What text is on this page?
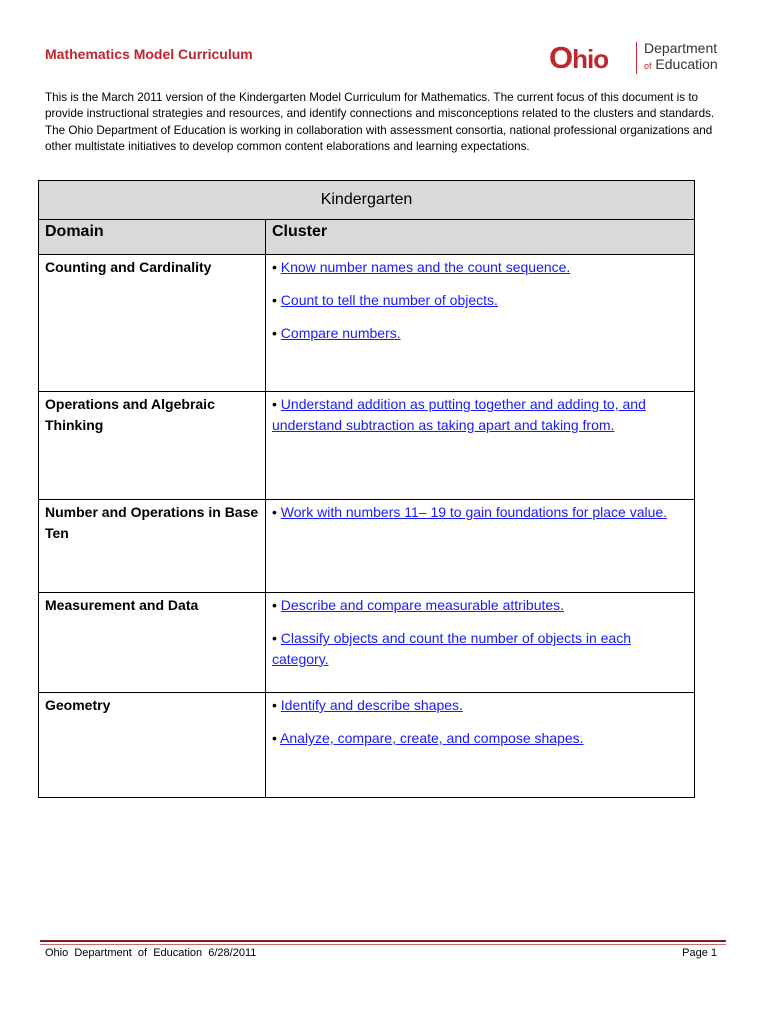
Mathematics Model Curriculum	Ohio	Department
of Education
This is the March 2011 version of the Kindergarten Model Curriculum for Mathematics. The current focus of this document is to provide instructional strategies and resources, and identify connections and misconceptions related to the clusters and standards. The Ohio Department of Education is working in collaboration with assessment consortia, national professional organizations and other multistate initiatives to develop common content elaborations and learning expectations.
Kindergarten	

Domain	Cluster

Counting and Cardinality	• Know number names and the count sequence.
• Count to tell the number of objects.
• Compare numbers.

Operations and Algebraic Thinking	• Understand addition as putting together and adding to, and understand subtraction as taking apart and taking from.

Number and Operations in Base Ten	• Work with numbers 11– 19 to gain foundations for place value.

Measurement and Data	• Describe and compare measurable attributes.
• Classify objects and count the number of objects in each category.

Geometry	• Identify and describe shapes.
• Analyze, compare, create, and compose shapes.
Ohio  Department  of  Education  6/28/2011	Page 1
